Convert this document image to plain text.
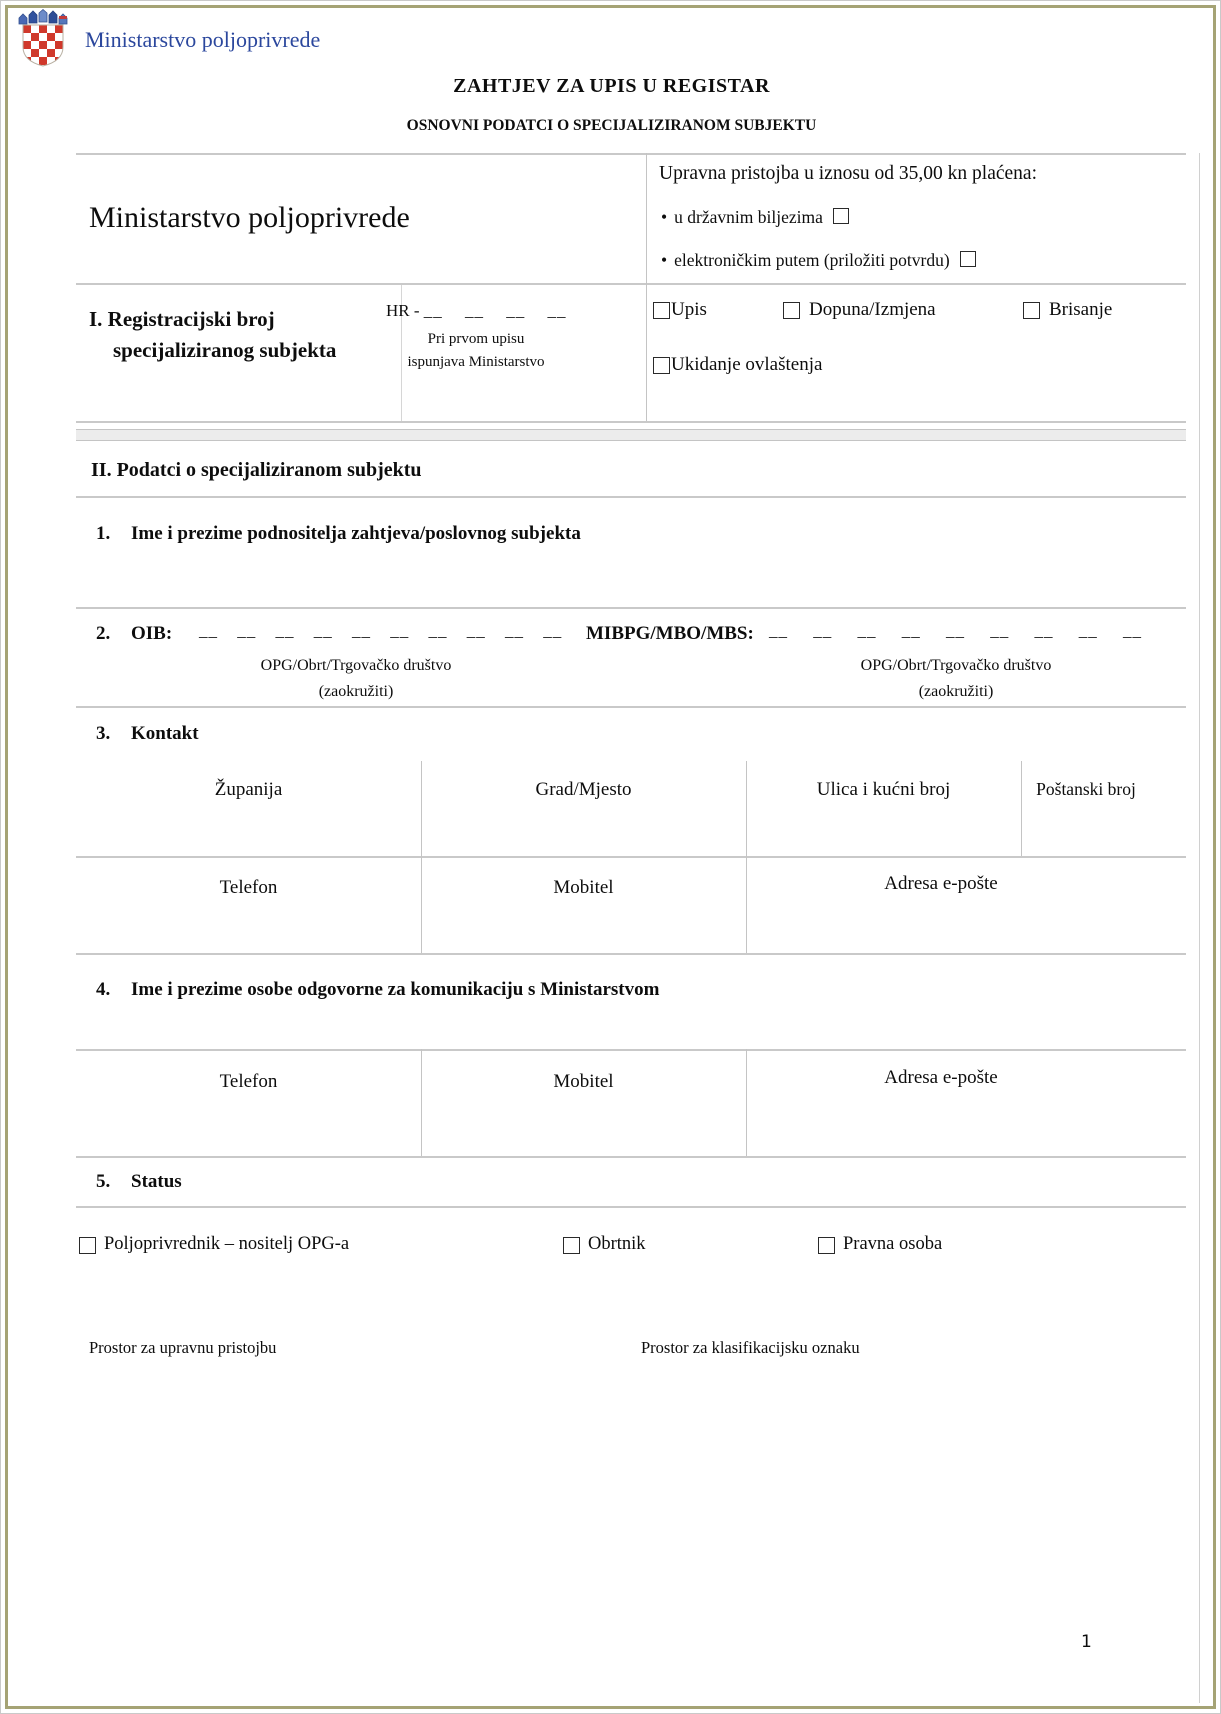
Ministarstvo poljoprivrede
ZAHTJEV ZA UPIS U REGISTAR
OSNOVNI PODATCI O SPECIJALIZIRANOM SUBJEKTU
Ministarstvo poljoprivrede
Upravna pristojba u iznosu od 35,00 kn plaćena:
• u državnim biljezima
• elektroničkim putem (priložiti potvrdu)
I. Registracijski broj
specijaliziranog subjekta
HR - __ __ __ __
Pri prvom upisu
ispunjava Ministarstvo
Upis	Dopuna/Izmjena	Brisanje
Ukidanje ovlaštenja
II. Podatci o specijaliziranom subjektu
1. Ime i prezime podnositelja zahtjeva/poslovnog subjekta
2. OIB: __ __ __ __ __ __ __ __ __ __
OPG/Obrt/Trgovačko društvo
(zaokružiti)
MIBPG/MBO/MBS: __ __ __ __ __ __ __ __ __
OPG/Obrt/Trgovačko društvo
(zaokružiti)
3. Kontakt
Županija	Grad/Mjesto	Ulica i kućni broj	Poštanski broj
Telefon	Mobitel	Adresa e-pošte
4. Ime i prezime osobe odgovorne za komunikaciju s Ministarstvom
Telefon	Mobitel	Adresa e-pošte
5. Status
Poljoprivrednik – nositelj OPG-a	Obrtnik	Pravna osoba
Prostor za upravnu pristojbu	Prostor za klasifikacijsku oznaku
1
